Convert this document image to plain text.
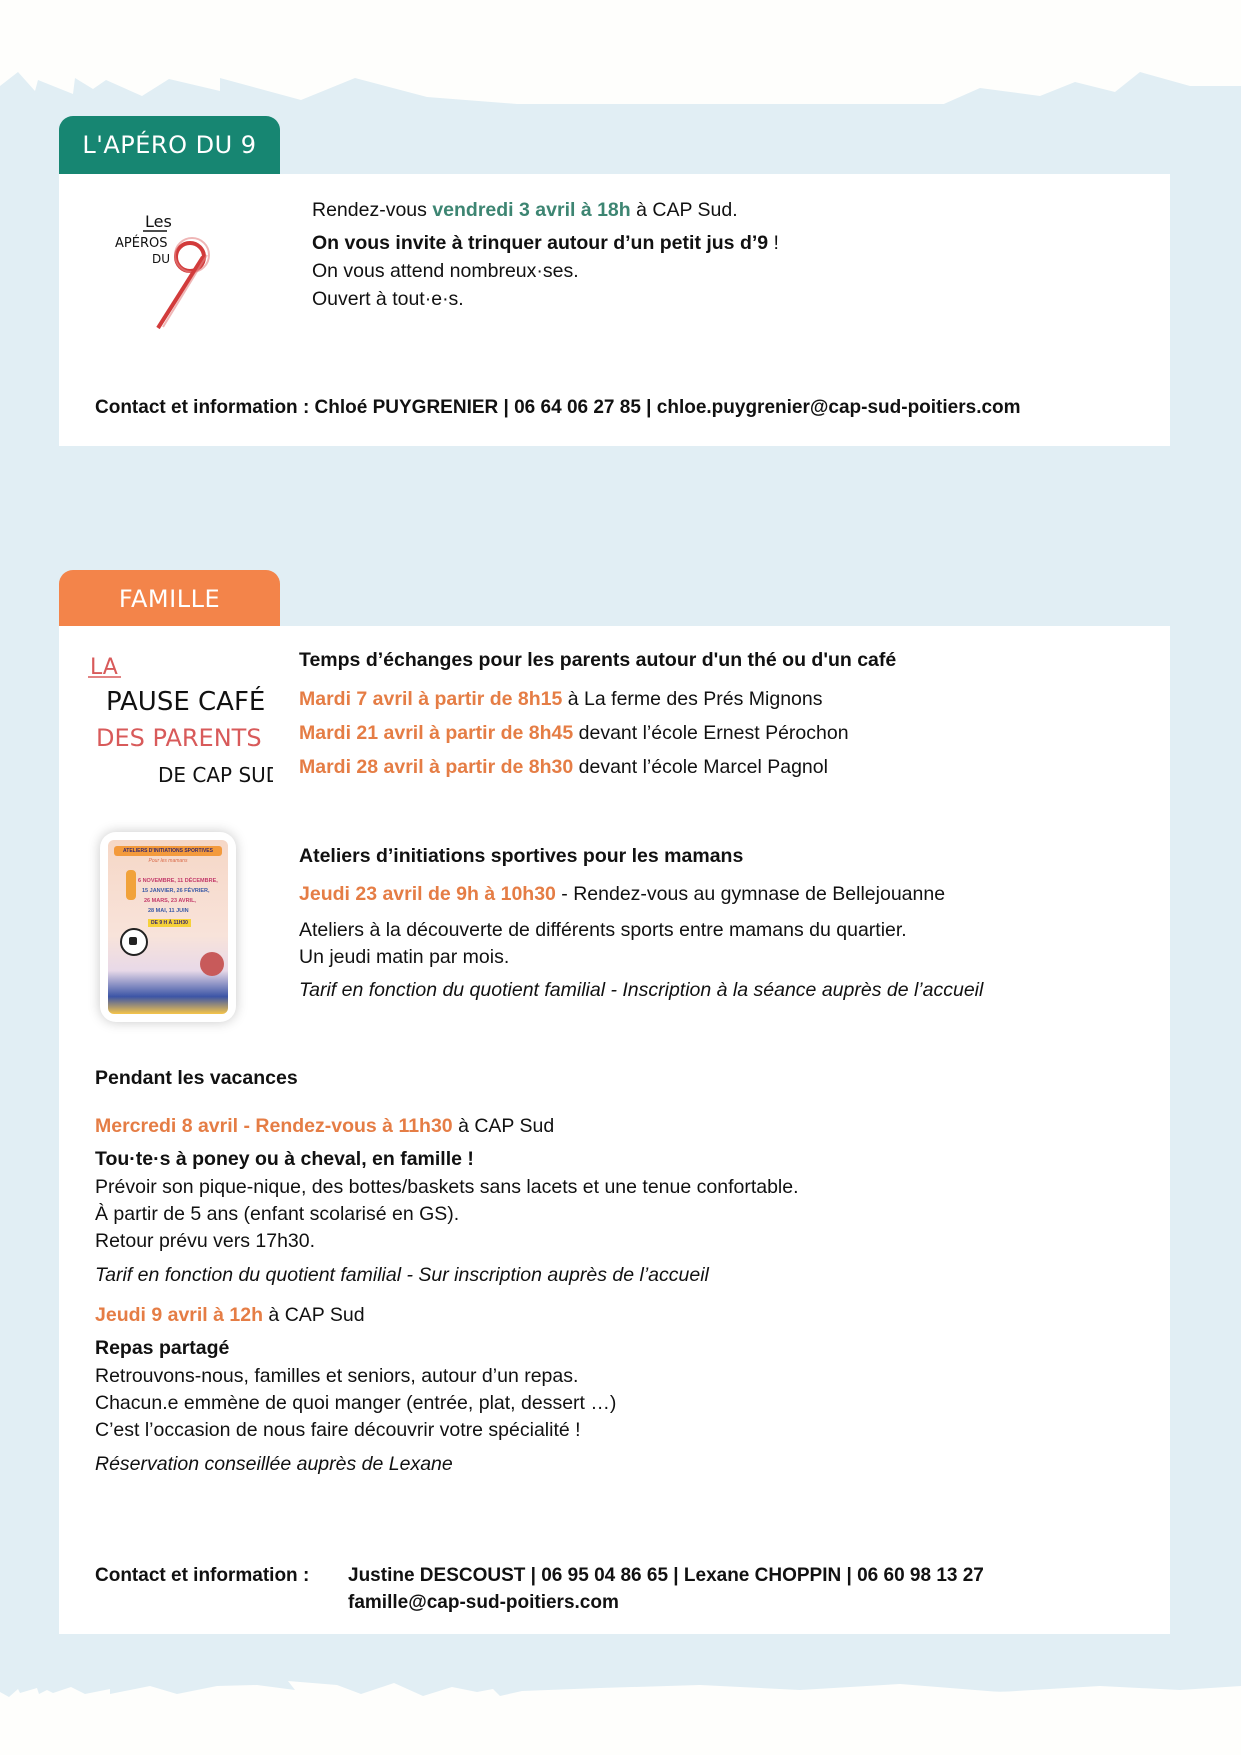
L'APÉRO DU 9
Les
APÉROS
DU
Rendez-vous vendredi 3 avril à 18h à CAP Sud.
On vous invite à trinquer autour d’un petit jus d’9 !
On vous attend nombreux·ses.
Ouvert à tout·e·s.
Contact et information : Chloé PUYGRENIER | 06 64 06 27 85 | chloe.puygrenier@cap-sud-poitiers.com
FAMILLE
LA
PAUSE CAFÉ
DES PARENTS
DE CAP SUD
Temps d’échanges pour les parents autour d'un thé ou d'un café
Mardi 7 avril à partir de 8h15 à La ferme des Prés Mignons
Mardi 21 avril à partir de 8h45 devant l’école Ernest Pérochon
Mardi 28 avril à partir de 8h30 devant l’école Marcel Pagnol
ATELIERS D'INITIATIONS SPORTIVES
Pour les mamans
6 NOVEMBRE, 11 DÉCEMBRE,
15 JANVIER, 26 FÉVRIER,
26 MARS, 23 AVRIL,
28 MAI, 11 JUIN
DE 9 H À 11H30
Ateliers d’initiations sportives pour les mamans
Jeudi 23 avril de 9h à 10h30 - Rendez-vous au gymnase de Bellejouanne
Ateliers à la découverte de différents sports entre mamans du quartier.
Un jeudi matin par mois.
Tarif en fonction du quotient familial - Inscription à la séance auprès de l’accueil
Pendant les vacances
Mercredi 8 avril - Rendez-vous à 11h30 à CAP Sud
Tou·te·s à poney ou à cheval, en famille !
Prévoir son pique-nique, des bottes/baskets sans lacets et une tenue confortable.
À partir de 5 ans (enfant scolarisé en GS).
Retour prévu vers 17h30.
Tarif en fonction du quotient familial - Sur inscription auprès de l’accueil
Jeudi 9 avril à 12h à CAP Sud
Repas partagé
Retrouvons-nous, familles et seniors, autour d’un repas.
Chacun.e emmène de quoi manger (entrée, plat, dessert …)
C’est l’occasion de nous faire découvrir votre spécialité !
Réservation conseillée auprès de Lexane
Contact et information : Justine DESCOUST | 06 95 04 86 65 | Lexane CHOPPIN | 06 60 98 13 27
famille@cap-sud-poitiers.com
